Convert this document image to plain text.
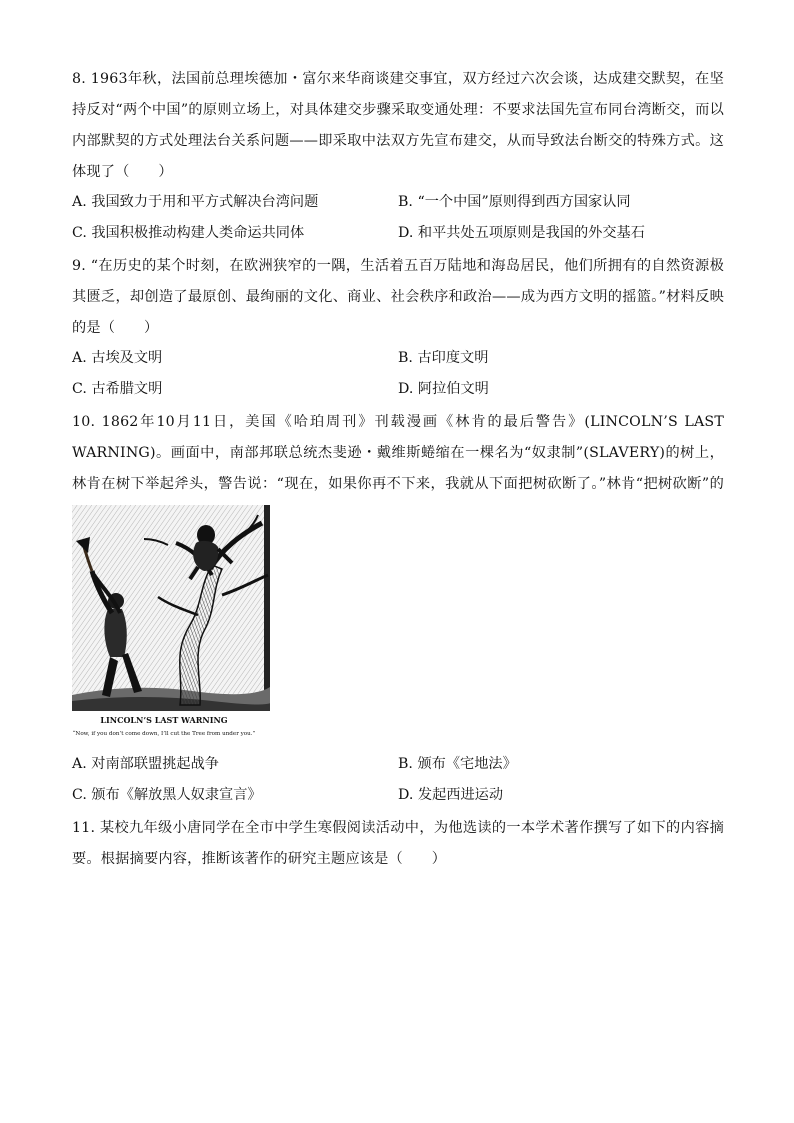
8. 1963年秋，法国前总理埃德加・富尔来华商谈建交事宜，双方经过六次会谈，达成建交默契，在坚持反对“两个中国”的原则立场上，对具体建交步骤采取变通处理：不要求法国先宣布同台湾断交，而以内部默契的方式处理法台关系问题——即采取中法双方先宣布建交，从而导致法台断交的特殊方式。这体现了（　　）
A. 我国致力于用和平方式解决台湾问题	B. “一个中国”原则得到西方国家认同
C. 我国积极推动构建人类命运共同体	D. 和平共处五项原则是我国的外交基石
9. “在历史的某个时刻，在欧洲狭窄的一隅，生活着五百万陆地和海岛居民，他们所拥有的自然资源极其匮乏，却创造了最原创、最绚丽的文化、商业、社会秩序和政治——成为西方文明的摇篮。”材料反映的是（　　）
A. 古埃及文明	B. 古印度文明
C. 古希腊文明	D. 阿拉伯文明
10. 1862年10月11日，美国《哈珀周刊》刊载漫画《林肯的最后警告》(LINCOLN’S LAST WARNING)。画面中，南部邦联总统杰斐逊・戴维斯蜷缩在一棵名为“奴隶制”(SLAVERY)的树上，林肯在树下举起斧头，警告说：“现在，如果你再不下来，我就从下面把树砍断了。”林肯“把树砍断”的　　
LINCOLN’S LAST WARNING
“Now, if you don’t come down, I’ll cut the Tree from under you.”
A. 对南部联盟挑起战争	B. 颁布《宅地法》
C. 颁布《解放黑人奴隶宣言》	D. 发起西进运动
11. 某校九年级小唐同学在全市中学生寒假阅读活动中，为他选读的一本学术著作撰写了如下的内容摘要。根据摘要内容，推断该著作的研究主题应该是（　　）
